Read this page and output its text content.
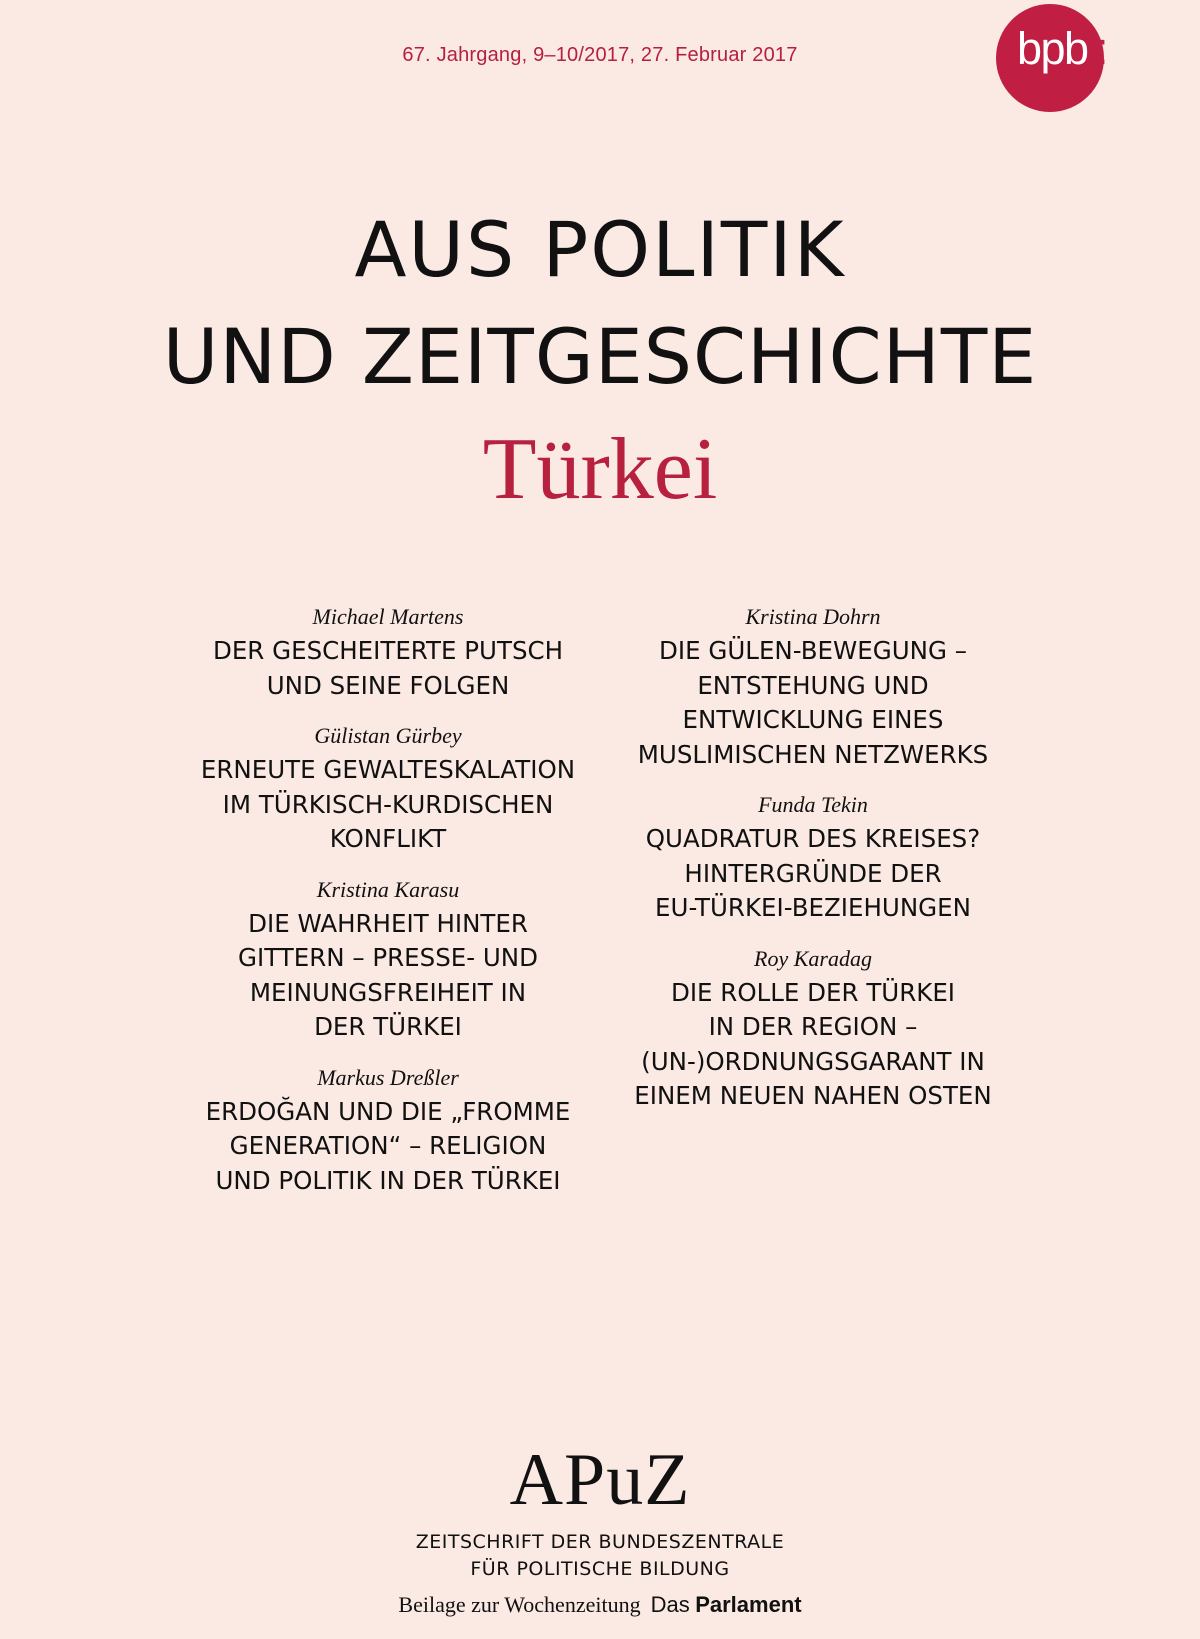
67. Jahrgang, 9–10/2017, 27. Februar 2017	bpb :
AUS POLITIK
UND ZEITGESCHICHTE
Türkei
Michael Martens
DER GESCHEITERTE PUTSCH
UND SEINE FOLGEN
Gülistan Gürbey
ERNEUTE GEWALTESKALATION
IM TÜRKISCH-KURDISCHEN
KONFLIKT
Kristina Karasu
DIE WAHRHEIT HINTER
GITTERN – PRESSE- UND
MEINUNGSFREIHEIT IN
DER TÜRKEI
Markus Dreßler
ERDOĞAN UND DIE „FROMME
GENERATION“ – RELIGION
UND POLITIK IN DER TÜRKEI
Kristina Dohrn
DIE GÜLEN-BEWEGUNG –
ENTSTEHUNG UND
ENTWICKLUNG EINES
MUSLIMISCHEN NETZWERKS
Funda Tekin
QUADRATUR DES KREISES?
HINTERGRÜNDE DER
EU-TÜRKEI-BEZIEHUNGEN
Roy Karadag
DIE ROLLE DER TÜRKEI
IN DER REGION –
(UN-)ORDNUNGSGARANT IN
EINEM NEUEN NAHEN OSTEN
APuZ
ZEITSCHRIFT DER BUNDESZENTRALE
FÜR POLITISCHE BILDUNG
Beilage zur Wochenzeitung Das Parlament
